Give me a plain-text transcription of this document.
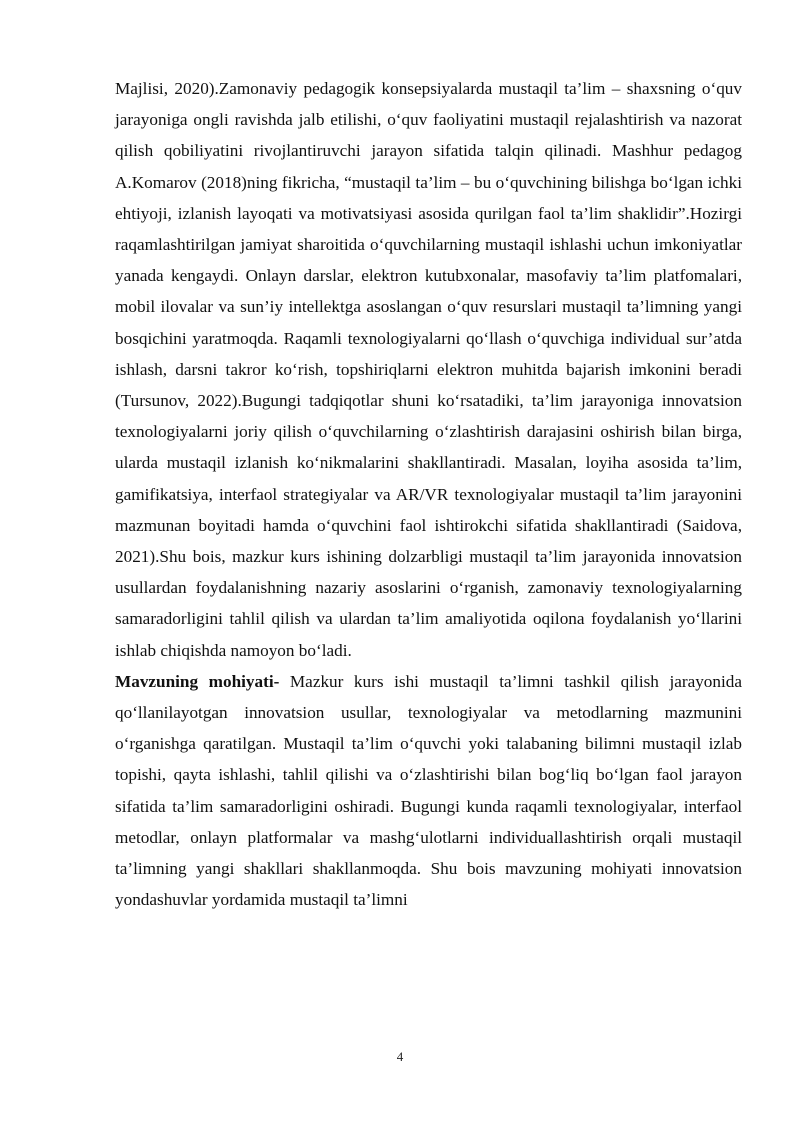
Majlisi, 2020).Zamonaviy pedagogik konsepsiyalarda mustaqil ta’lim – shaxsning o‘quv jarayoniga ongli ravishda jalb etilishi, o‘quv faoliyatini mustaqil rejalashtirish va nazorat qilish qobiliyatini rivojlantiruvchi jarayon sifatida talqin qilinadi. Mashhur pedagog A.Komarov (2018)ning fikricha, “mustaqil ta’lim – bu o‘quvchining bilishga bo‘lgan ichki ehtiyoji, izlanish layoqati va motivatsiyasi asosida qurilgan faol ta’lim shaklidir”.Hozirgi raqamlashtirilgan jamiyat sharoitida o‘quvchilarning mustaqil ishlashi uchun imkoniyatlar yanada kengaydi. Onlayn darslar, elektron kutubxonalar, masofaviy ta’lim platfomalari, mobil ilovalar va sun’iy intellektga asoslangan o‘quv resurslari mustaqil ta’limning yangi bosqichini yaratmoqda. Raqamli texnologiyalarni qo‘llash o‘quvchiga individual sur’atda ishlash, darsni takror ko‘rish, topshiriqlarni elektron muhitda bajarish imkonini beradi (Tursunov, 2022).Bugungi tadqiqotlar shuni ko‘rsatadiki, ta’lim jarayoniga innovatsion texnologiyalarni joriy qilish o‘quvchilarning o‘zlashtirish darajasini oshirish bilan birga, ularda mustaqil izlanish ko‘nikmalarini shakllantiradi. Masalan, loyiha asosida ta’lim, gamifikatsiya, interfaol strategiyalar va AR/VR texnologiyalar mustaqil ta’lim jarayonini mazmunan boyitadi hamda o‘quvchini faol ishtirokchi sifatida shakllantiradi (Saidova, 2021).Shu bois, mazkur kurs ishining dolzarbligi mustaqil ta’lim jarayonida innovatsion usullardan foydalanishning nazariy asoslarini o‘rganish, zamonaviy texnologiyalarning samaradorligini tahlil qilish va ulardan ta’lim amaliyotida oqilona foydalanish yo‘llarini ishlab chiqishda namoyon bo‘ladi.

Mavzuning mohiyati- Mazkur kurs ishi mustaqil ta’limni tashkil qilish jarayonida qo‘llanilayotgan innovatsion usullar, texnologiyalar va metodlarning mazmunini o‘rganishga qaratilgan. Mustaqil ta’lim o‘quvchi yoki talabaning bilimni mustaqil izlab topishi, qayta ishlashi, tahlil qilishi va o‘zlashtirishi bilan bog‘liq bo‘lgan faol jarayon sifatida ta’lim samaradorligini oshiradi. Bugungi kunda raqamli texnologiyalar, interfaol metodlar, onlayn platformalar va mashg‘ulotlarni individuallashtirish orqali mustaqil ta’limning yangi shakllari shakllanmoqda. Shu bois mavzuning mohiyati innovatsion yondashuvlar yordamida mustaqil ta’limni

4
